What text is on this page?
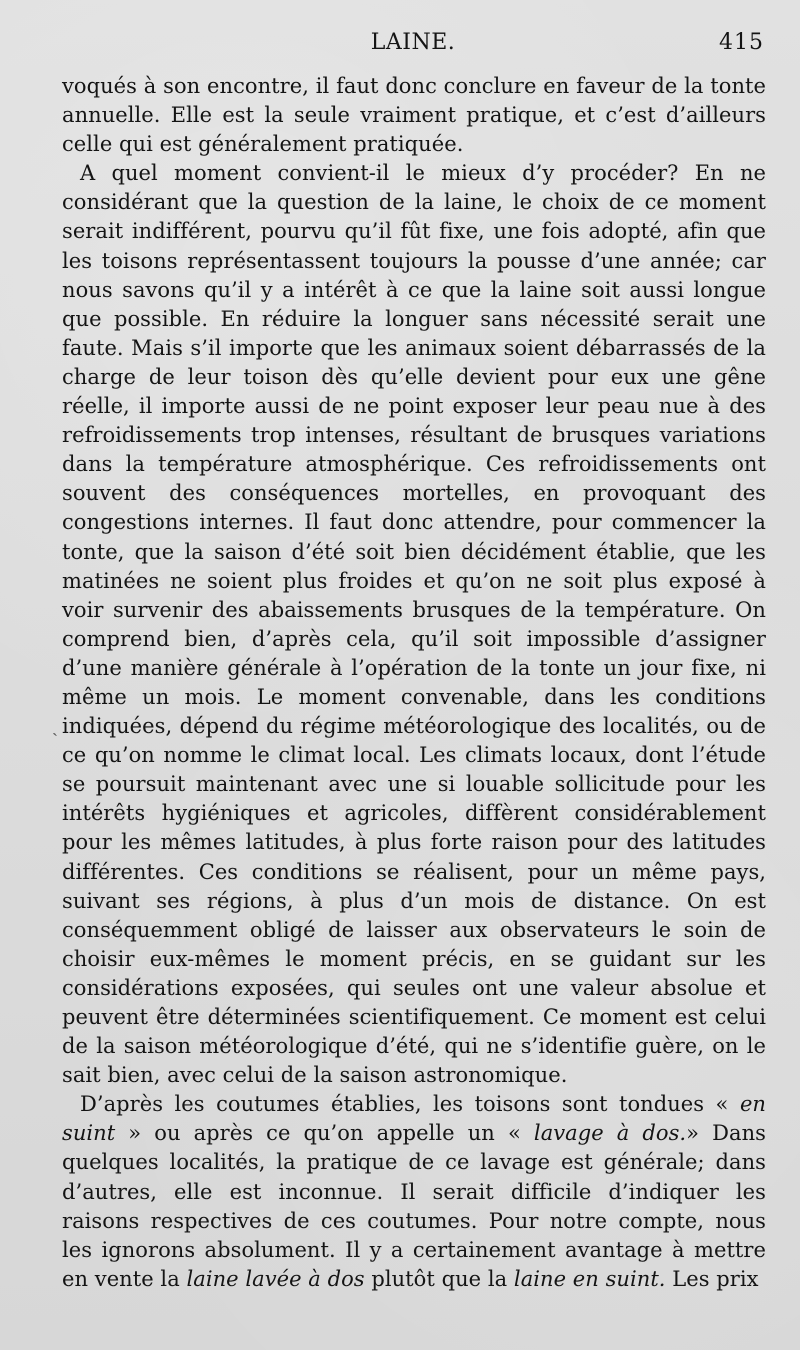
LAINE.	415

voqués à son encontre, il faut donc conclure en faveur de la tonte annuelle. Elle est la seule vraiment pratique, et c’est d’ailleurs celle qui est généralement pratiquée.

A quel moment convient-il le mieux d’y procéder? En ne considérant que la question de la laine, le choix de ce moment serait indifférent, pourvu qu’il fût fixe, une fois adopté, afin que les toisons représentassent toujours la pousse d’une année; car nous savons qu’il y a intérêt à ce que la laine soit aussi longue que possible. En réduire la longuer sans nécessité serait une faute. Mais s’il importe que les animaux soient débarrassés de la charge de leur toison dès qu’elle devient pour eux une gêne réelle, il importe aussi de ne point exposer leur peau nue à des refroidissements trop intenses, résultant de brusques variations dans la température atmosphérique. Ces refroidissements ont souvent des conséquences mortelles, en provoquant des congestions internes. Il faut donc attendre, pour commencer la tonte, que la saison d’été soit bien décidément établie, que les matinées ne soient plus froides et qu’on ne soit plus exposé à voir survenir des abaissements brusques de la température. On comprend bien, d’après cela, qu’il soit impossible d’assigner d’une manière générale à l’opération de la tonte un jour fixe, ni même un mois. Le moment convenable, dans les conditions indiquées, dépend du régime météorologique des localités, ou de ce qu’on nomme le climat local. Les climats locaux, dont l’étude se poursuit maintenant avec une si louable sollicitude pour les intérêts hygiéniques et agricoles, diffèrent considérablement pour les mêmes latitudes, à plus forte raison pour des latitudes différentes. Ces conditions se réalisent, pour un même pays, suivant ses régions, à plus d’un mois de distance. On est conséquemment obligé de laisser aux observateurs le soin de choisir eux-mêmes le moment précis, en se guidant sur les considérations exposées, qui seules ont une valeur absolue et peuvent être déterminées scientifiquement. Ce moment est celui de la saison météorologique d’été, qui ne s’identifie guère, on le sait bien, avec celui de la saison astronomique.

D’après les coutumes établies, les toisons sont tondues « en suint » ou après ce qu’on appelle un « lavage à dos.» Dans quelques localités, la pratique de ce lavage est générale; dans d’autres, elle est inconnue. Il serait difficile d’indiquer les raisons respectives de ces coutumes. Pour notre compte, nous les ignorons absolument. Il y a certainement avantage à mettre en vente la laine lavée à dos plutôt que la laine en suint. Les prix

ˎ
